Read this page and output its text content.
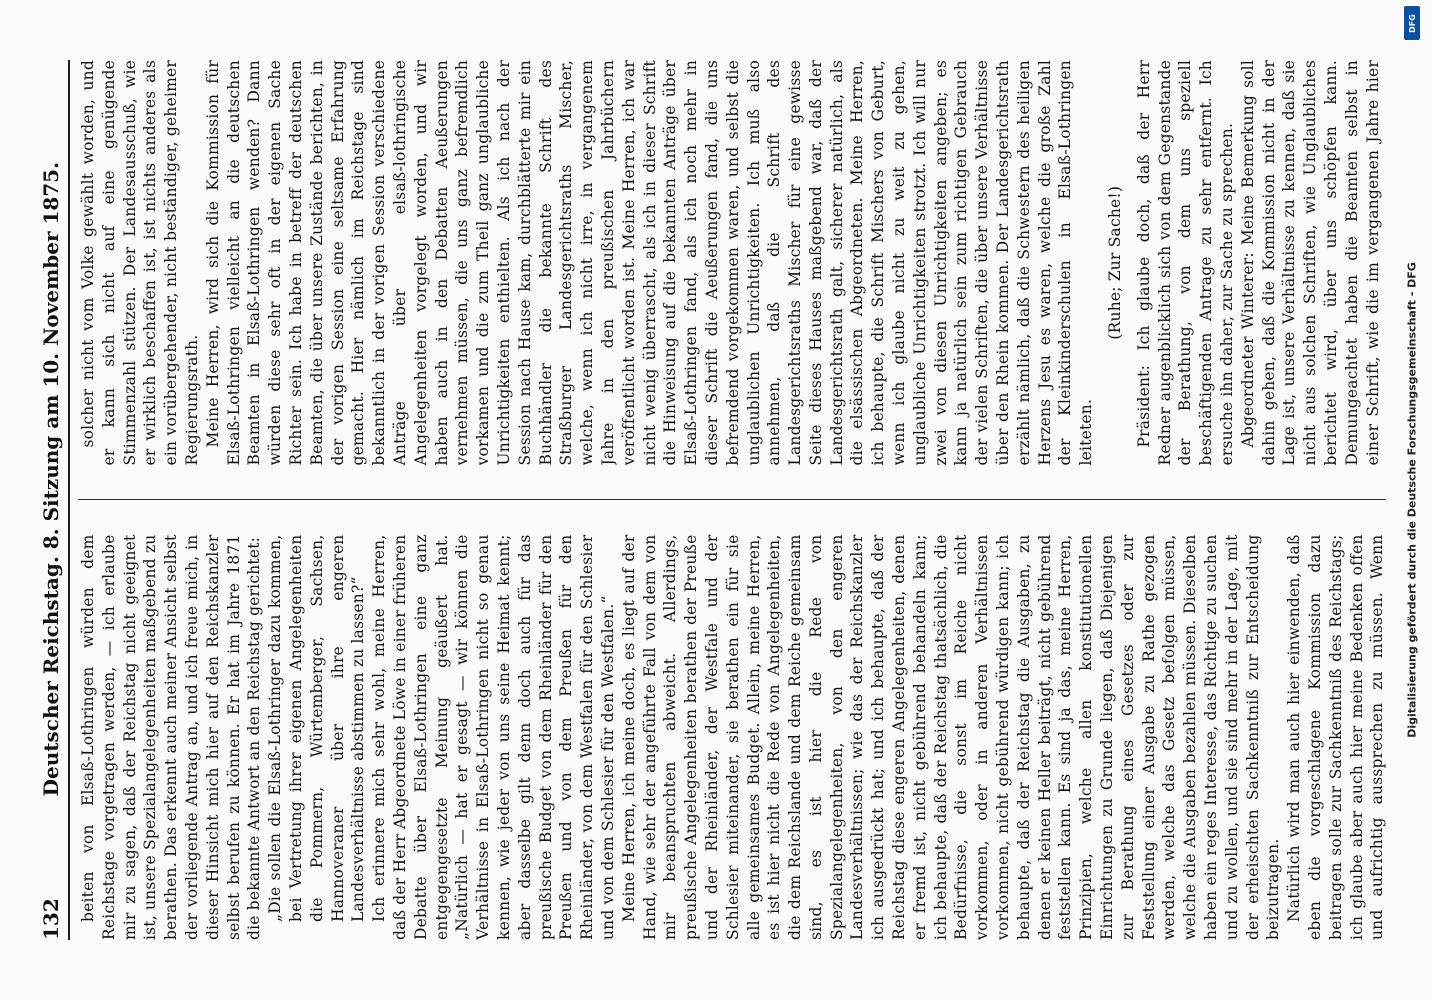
132
Deutscher Reichstag. 8. Sitzung am 10. November 1875. beiten von Elsaß-Lothringen würden dem Reichstage vorgetragen werden, — ich erlaube mir zu sagen, daß der Reichstag nicht geeignet ist, unsere Spezialangelegenheiten maßgebend zu berathen. Das erkennt auch meiner Ansicht selbst der vorliegende Antrag an, und ich freue mich, in dieser Hinsicht mich hier auf den Reichskanzler selbst berufen zu können. Er hat im Jahre 1871 die bekannte Antwort an den Reichstag gerichtet: „Die sollen die Elsaß-Lothringer dazu kommen, bei Vertretung ihrer eigenen Angelegenheiten die Pommern, Würtemberger, Sachsen, Hannoveraner über ihre engeren Landesverhältnisse abstimmen zu lassen?“ Ich erinnere mich sehr wohl, meine Herren, daß der Herr Abgeordnete Löwe in einer früheren Debatte über Elsaß-Lothringen eine ganz entgegengesetzte Meinung geäußert hat. „Natürlich — hat er gesagt — wir können die Verhältnisse in Elsaß-Lothringen nicht so genau kennen, wie jeder von uns seine Heimat kennt; aber dasselbe gilt denn doch auch für das preußische Budget von dem Rheinländer für den Preußen und von dem Preußen für den Rheinländer, von dem Westfalen für den Schlesier und von dem Schlesier für den Westfalen.“ Meine Herren, ich meine doch, es liegt auf der Hand, wie sehr der angeführte Fall von dem von mir beanspruchten abweicht. Allerdings, preußische Angelegenheiten berathen der Preuße und der Rheinländer, der Westfale und der Schlesier miteinander, sie berathen ein für sie alle gemeinsames Budget. Allein, meine Herren, es ist hier nicht die Rede von Angelegenheiten, die dem Reichslande und dem Reiche gemeinsam sind, es ist hier die Rede von Spezialangelegenheiten, von den engeren Landesverhältnissen; wie das der Reichskanzler ich ausgedrückt hat; und ich behaupte, daß der Reichstag diese engeren Angelegenheiten, denen er fremd ist, nicht gebührend behandeln kann; ich behaupte, daß der Reichstag thatsächlich, die Bedürfnisse, die sonst im Reiche nicht vorkommen, oder in anderen Verhältnissen vorkommen, nicht gebührend würdigen kann; ich behaupte, daß der Reichstag die Ausgaben, zu denen er keinen Heller beiträgt, nicht gebührend feststellen kann. Es sind ja das, meine Herren, Prinzipien, welche allen konstitutionellen Einrichtungen zu Grunde liegen, daß Diejenigen zur Berathung eines Gesetzes oder zur Feststellung einer Ausgabe zu Rathe gezogen werden, welche das Gesetz befolgen müssen, welche die Ausgaben bezahlen müssen. Dieselben haben ein reges Interesse, das Richtige zu suchen und zu wollen, und sie sind mehr in der Lage, mit der erheischten Sachkenntniß zur Entscheidung beizutragen. Natürlich wird man auch hier einwenden, daß eben die vorgeschlagene Kommission dazu beitragen solle zur Sachkenntniß des Reichstags; ich glaube aber auch hier meine Bedenken offen und aufrichtig aussprechen zu müssen. Wenn

solcher nicht vom Volke gewählt worden, und er kann sich nicht auf eine genügende Stimmenzahl stützen. Der Landesausschuß, wie er wirklich beschaffen ist, ist nichts anderes als ein vorübergehender, nicht beständiger, geheimer Regierungsrath. Meine Herren, wird sich die Kommission für Elsaß-Lothringen vielleicht an die deutschen Beamten in Elsaß-Lothringen wenden? Dann würden diese sehr oft in der eigenen Sache Richter sein. Ich habe in betreff der deutschen Beamten, die über unsere Zustände berichten, in der vorigen Session eine seltsame Erfahrung gemacht. Hier nämlich im Reichstage sind bekanntlich in der vorigen Session verschiedene Anträge über elsaß-lothringische Angelegenheiten vorgelegt worden, und wir haben auch in den Debatten Aeußerungen vernehmen müssen, die uns ganz befremdlich vorkamen und die zum Theil ganz unglaubliche Unrichtigkeiten enthielten. Als ich nach der Session nach Hause kam, durchblätterte mir ein Buchhändler die bekannte Schrift des Straßburger Landesgerichtsraths Mischer, welche, wenn ich nicht irre, in vergangenem Jahre in den preußischen Jahrbüchern veröffentlicht worden ist. Meine Herren, ich war nicht wenig überrascht, als ich in dieser Schrift die Hinweisung auf die bekannten Anträge über Elsaß-Lothringen fand, als ich noch mehr in dieser Schrift die Aeußerungen fand, die uns befremdend vorgekommen waren, und selbst die unglaublichen Unrichtigkeiten. Ich muß also annehmen, daß die Schrift des Landesgerichtsraths Mischer für eine gewisse Seite dieses Hauses maßgebend war, daß der Landesgerichtsrath galt, sicherer natürlich, als die elsässischen Abgeordneten. Meine Herren, ich behaupte, die Schrift Mischers von Geburt, wenn ich glaube nicht zu weit zu gehen, unglaubliche Unrichtigkeiten strotzt. Ich will nur zwei von diesen Unrichtigkeiten angeben; es kann ja natürlich sein zum richtigen Gebrauch der vielen Schriften, die über unsere Verhältnisse über den Rhein kommen. Der Landesgerichtsrath erzählt nämlich, daß die Schwestern des heiligen Herzens Jesu es waren, welche die große Zahl der Kleinkinderschulen in Elsaß-Lothringen leiteten.

(Ruhe; Zur Sache!) Präsident: Ich glaube doch, daß der Herr Redner augenblicklich sich von dem Gegenstande der Berathung, von dem uns speziell beschäftigenden Antrage zu sehr entfernt. Ich ersuche ihn daher, zur Sache zu sprechen. Abgeordneter Winterer: Meine Bemerkung soll dahin gehen, daß die Kommission nicht in der Lage ist, unsere Verhältnisse zu kennen, daß sie nicht aus solchen Schriften, wie Unglaubliches berichtet wird, über uns schöpfen kann. Demungeachtet haben die Beamten selbst in einer Schrift, wie die im vergangenen Jahre hier

DFG
Digitalisierung gefördert durch die Deutsche Forschungsgemeinschaft - DFG
